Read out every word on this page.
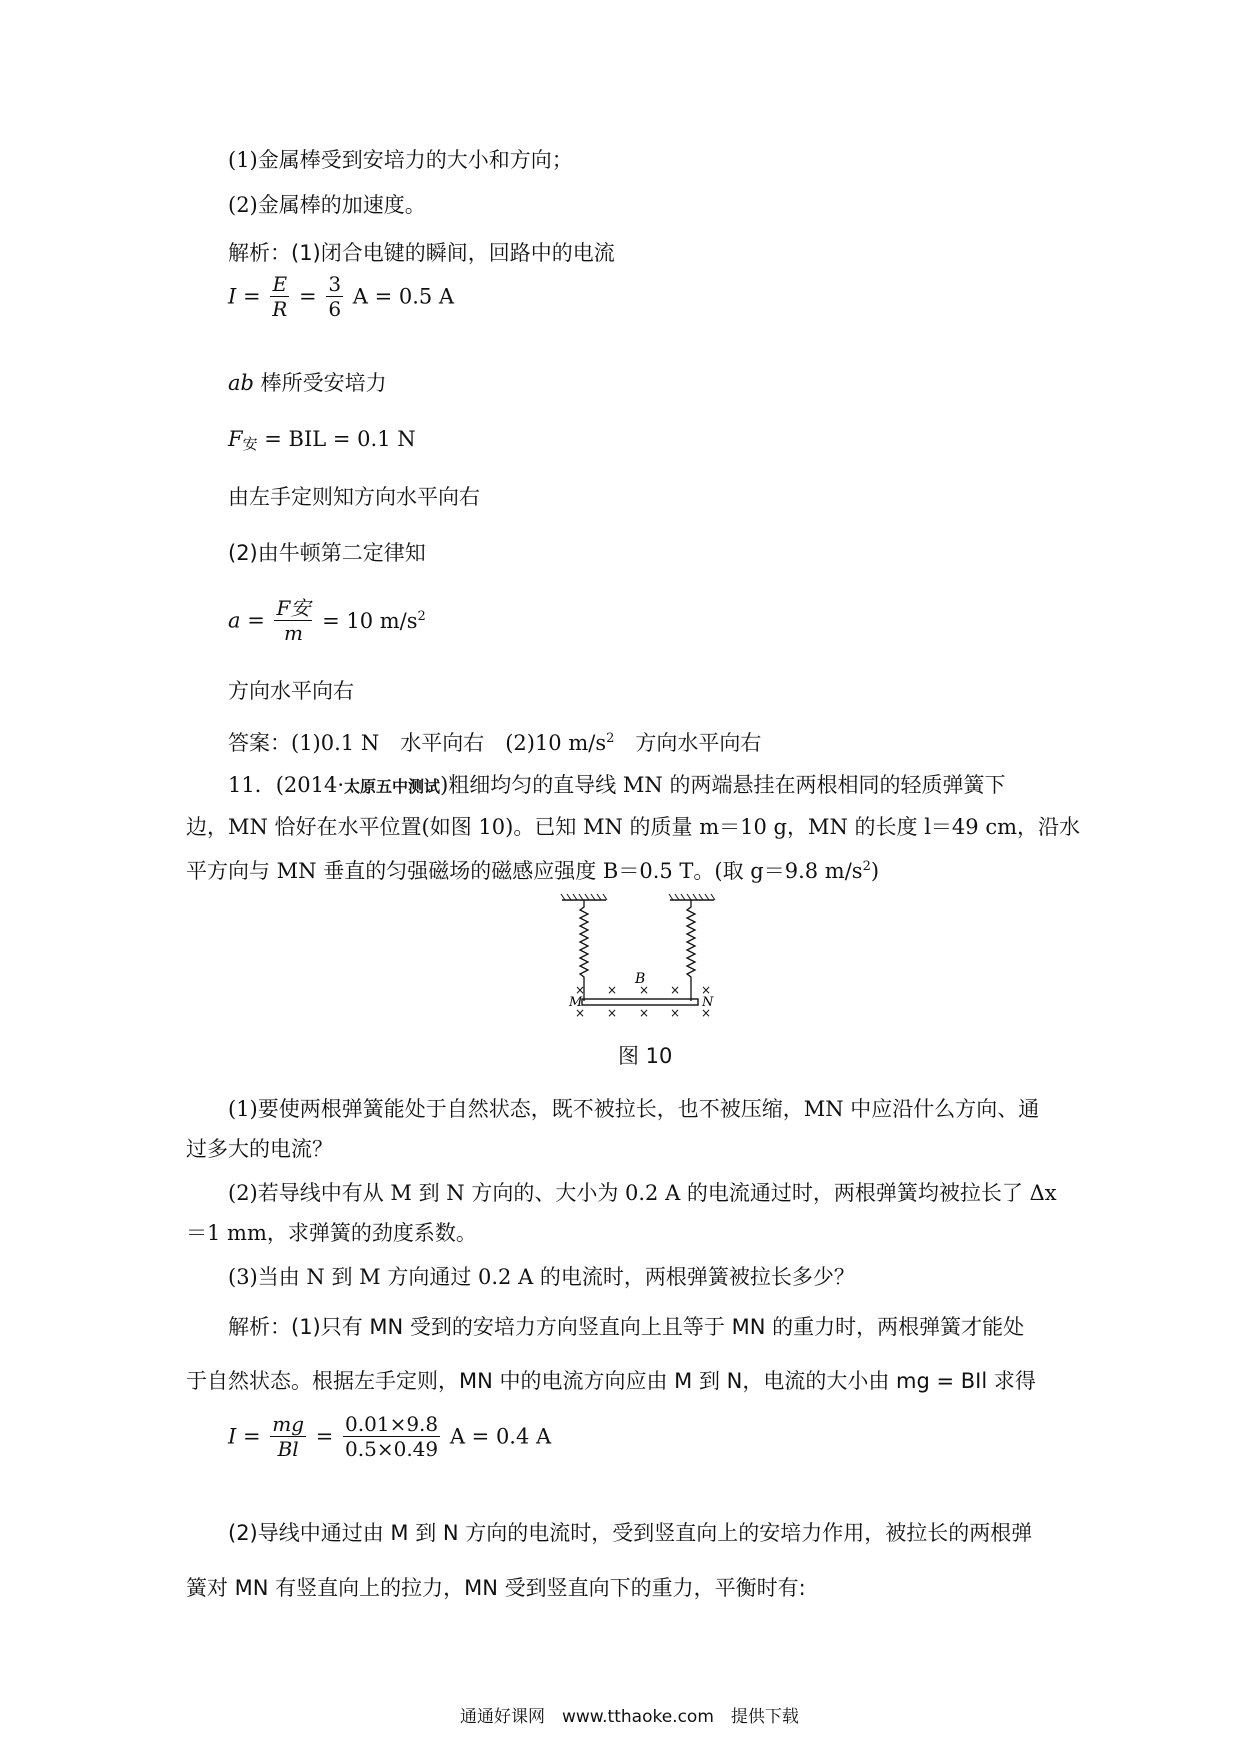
(1)金属棒受到安培力的大小和方向；
(2)金属棒的加速度。
解析：(1)闭合电键的瞬间，回路中的电流
$I = \frac{E}{R} = \frac{3}{6}$ A = 0.5 A
ab 棒所受安培力
F安 = BIL = 0.1 N
由左手定则知方向水平向右
(2)由牛顿第二定律知
$a = \frac{\text{F安}}{m} = 10$ $m/s^2$
方向水平向右
答案：(1)0.1 N　水平向右　(2)10 $m/s^2$　方向水平向右
11．(2014·太原五中测试)粗细均匀的直导线 MN 的两端悬挂在两根相同的轻质弹簧下
边，MN 恰好在水平位置(如图 10)。已知 MN 的质量 m＝10 g，MN 的长度 l＝49 cm，沿水
平方向与 MN 垂直的匀强磁场的磁感应强度 B＝0.5 T。(取 g＝9.8 $m/s^2$)
B
M	N
× × × × ×
× × × × ×
图 10
(1)要使两根弹簧能处于自然状态，既不被拉长，也不被压缩，MN 中应沿什么方向、通
过多大的电流？
(2)若导线中有从 M 到 N 方向的、大小为 0.2 A 的电流通过时，两根弹簧均被拉长了 Δx
＝1 mm，求弹簧的劲度系数。
(3)当由 N 到 M 方向通过 0.2 A 的电流时，两根弹簧被拉长多少？
解析：(1)只有 MN 受到的安培力方向竖直向上且等于 MN 的重力时，两根弹簧才能处
于自然状态。根据左手定则，MN 中的电流方向应由 M 到 N，电流的大小由 mg = BIl 求得
$I = \frac{mg}{Bl} = \frac{0.01\times 9.8}{0.5\times 0.49}$ A = 0.4 A
(2)导线中通过由 M 到 N 方向的电流时，受到竖直向上的安培力作用，被拉长的两根弹
簧对 MN 有竖直向上的拉力，MN 受到竖直向下的重力，平衡时有:
通通好课网　www.tthaoke.com　提供下载
